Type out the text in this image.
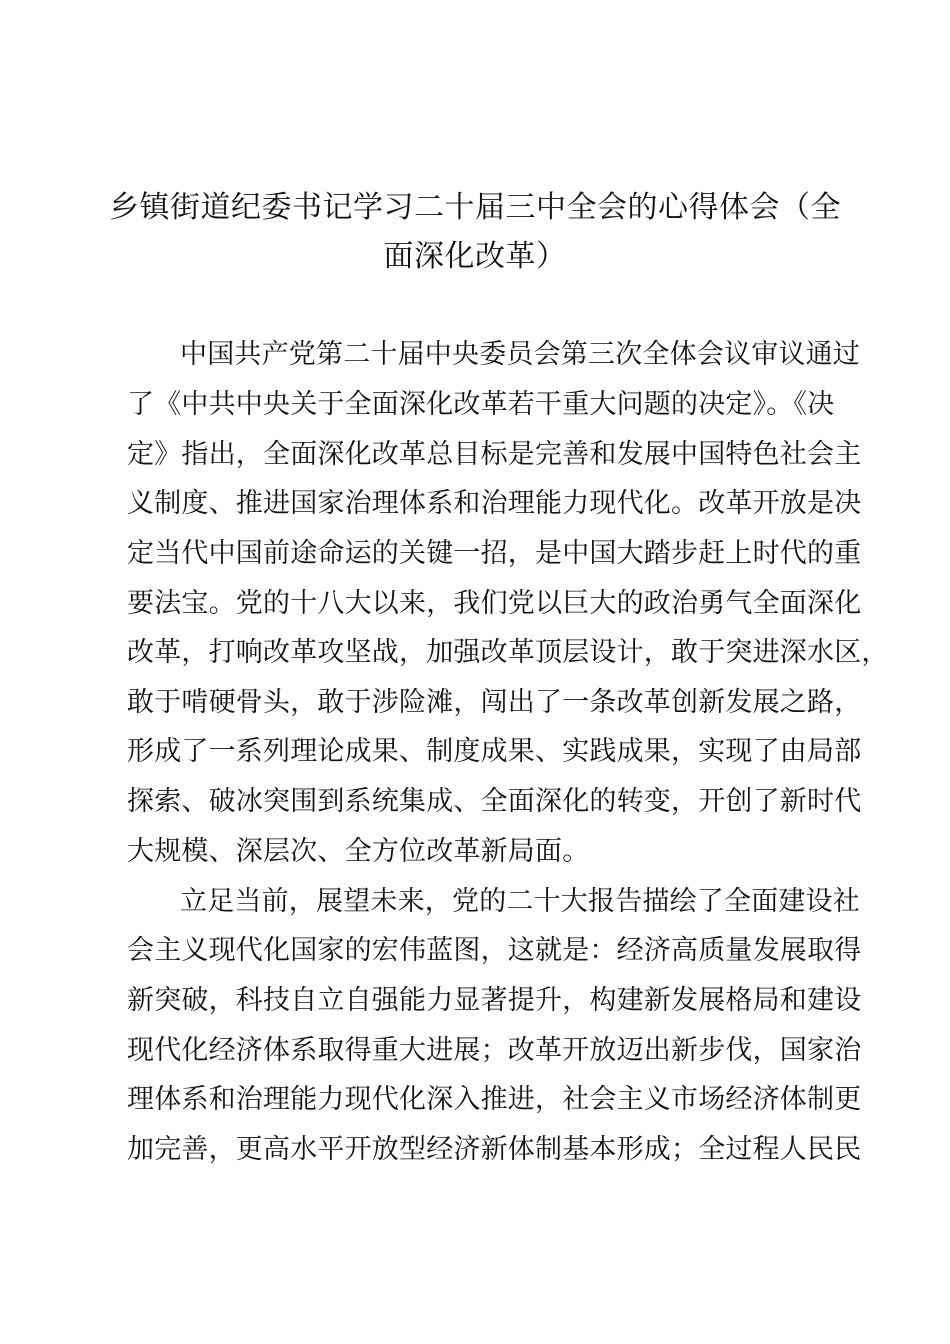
乡镇街道纪委书记学习二十届三中全会的心得体会（全
面深化改革）
中国共产党第二十届中央委员会第三次全体会议审议通过
了《中共中央关于全面深化改革若干重大问题的决定》。《决
定》指出，全面深化改革总目标是完善和发展中国特色社会主
义制度、推进国家治理体系和治理能力现代化。改革开放是决
定当代中国前途命运的关键一招，是中国大踏步赶上时代的重
要法宝。党的十八大以来，我们党以巨大的政治勇气全面深化
改革，打响改革攻坚战，加强改革顶层设计，敢于突进深水区，
敢于啃硬骨头，敢于涉险滩，闯出了一条改革创新发展之路，
形成了一系列理论成果、制度成果、实践成果，实现了由局部
探索、破冰突围到系统集成、全面深化的转变，开创了新时代
大规模、深层次、全方位改革新局面。
立足当前，展望未来，党的二十大报告描绘了全面建设社
会主义现代化国家的宏伟蓝图，这就是：经济高质量发展取得
新突破，科技自立自强能力显著提升，构建新发展格局和建设
现代化经济体系取得重大进展；改革开放迈出新步伐，国家治
理体系和治理能力现代化深入推进，社会主义市场经济体制更
加完善，更高水平开放型经济新体制基本形成；全过程人民民
